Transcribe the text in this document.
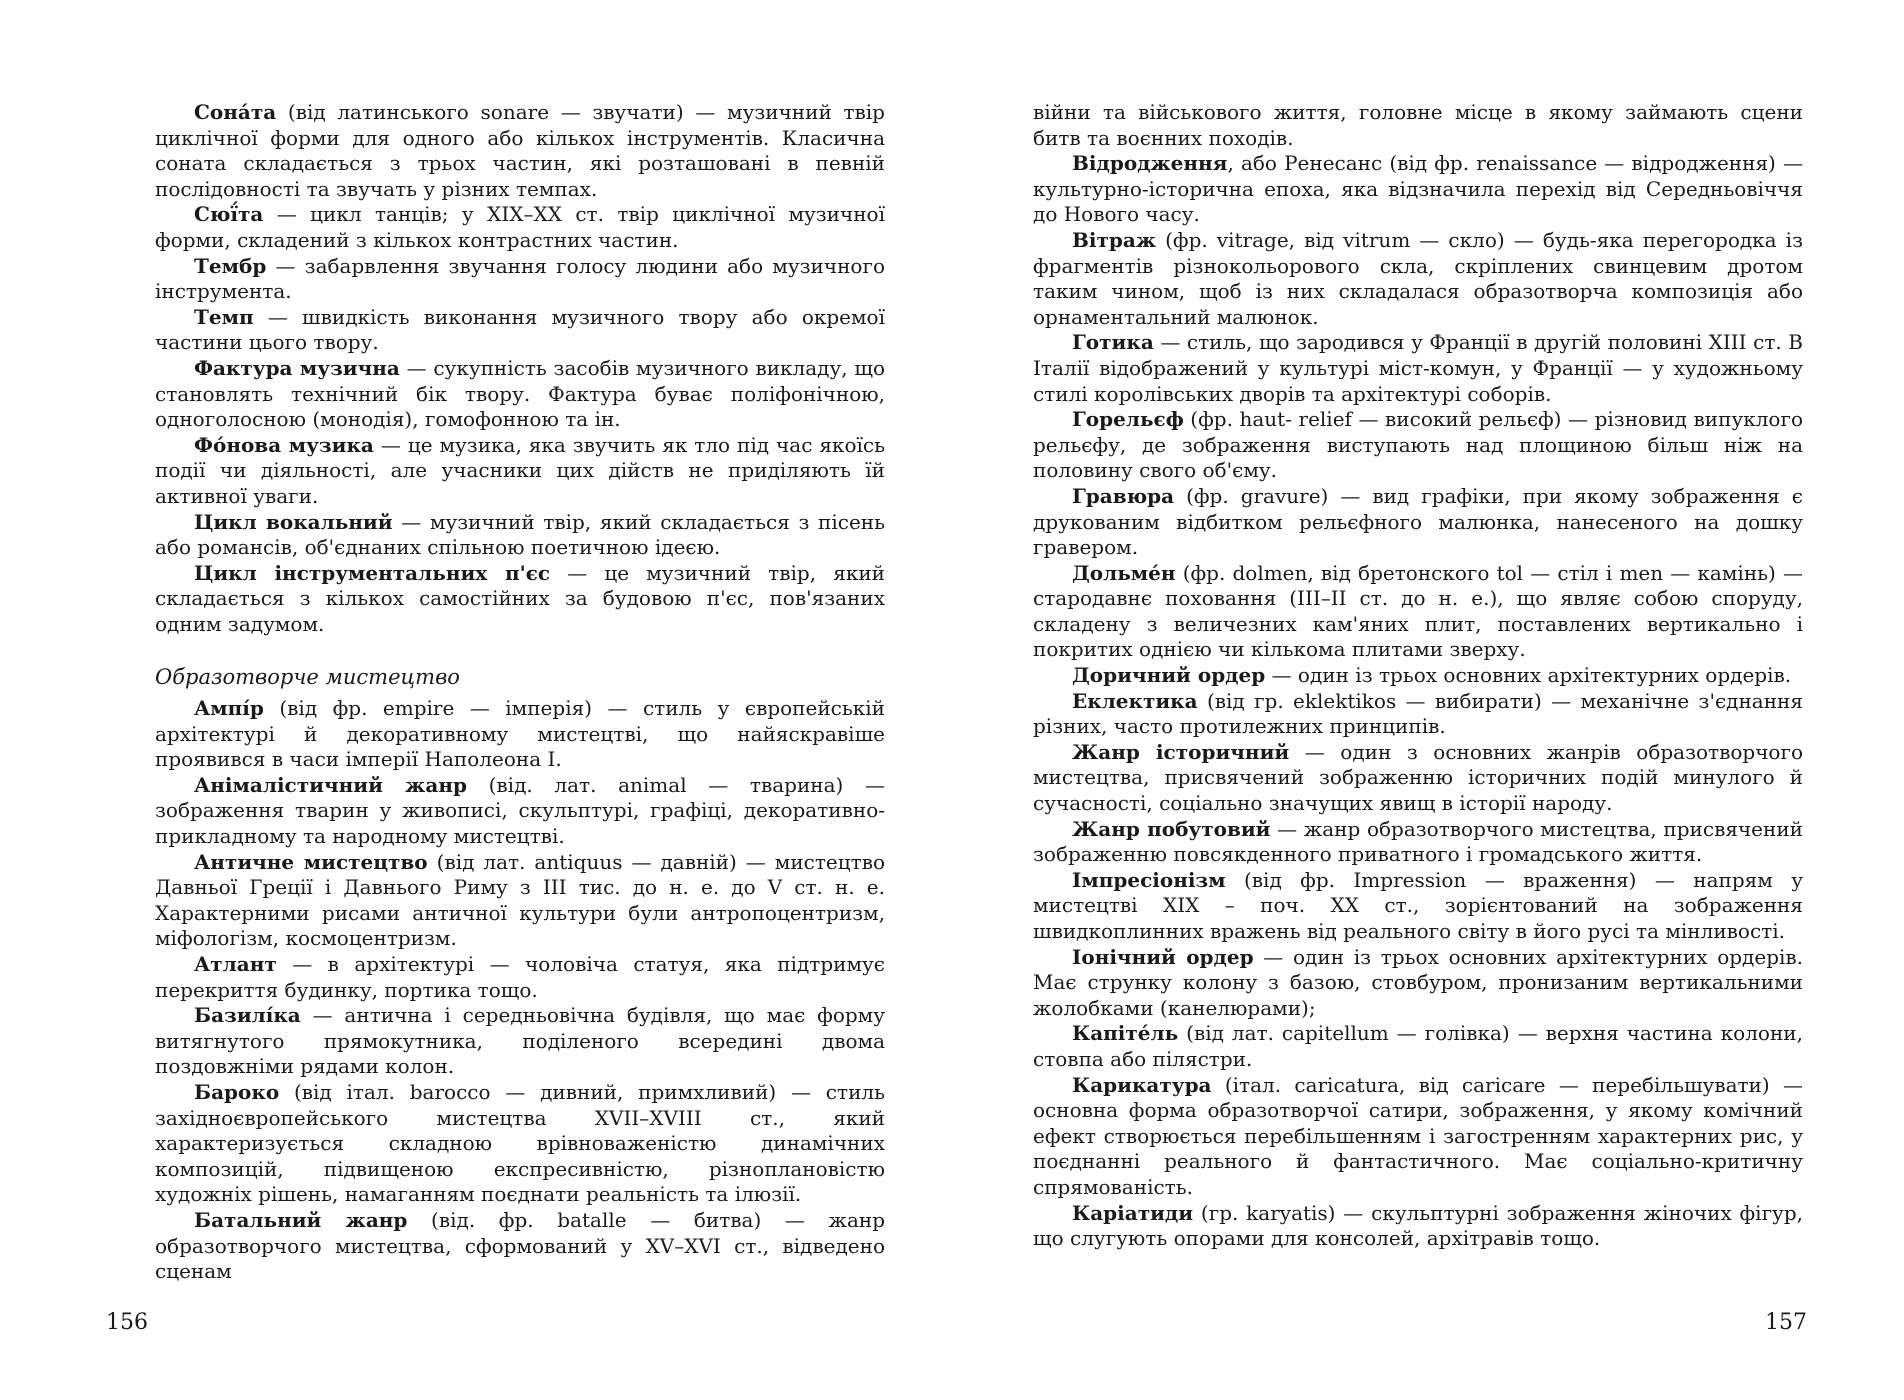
Сона́та (від латинського sonare — звучати) — музичний твір циклічної форми для одного або кількох інструментів. Класична соната складається з трьох частин, які розташовані в певній послідовності та звучать у різних темпах.

Сюї́та — цикл танців; у XIX–XX ст. твір циклічної музичної форми, складений з кількох контрастних частин.

Тембр — забарвлення звучання голосу людини або музичного інструмента.

Темп — швидкість виконання музичного твору або окремої частини цього твору.

Фактура музична — сукупність засобів музичного викладу, що становлять технічний бік твору. Фактура буває поліфонічною, одноголосною (монодія), гомофонною та ін.

Фо́нова музика — це музика, яка звучить як тло під час якоїсь події чи діяльності, але учасники цих дійств не приділяють їй активної уваги.

Цикл вокальний — музичний твір, який складається з пісень або романсів, об'єднаних спільною поетичною ідеєю.

Цикл інструментальних п'єс — це музичний твір, який складається з кількох самостійних за будовою п'єс, пов'язаних одним задумом.

Образотворче мистецтво

Ампі́р (від фр. empire — імперія) — стиль у європейській архітектурі й декоративному мистецтві, що найяскравіше проявився в часи імперії Наполеона І.

Анімалістичний жанр (від. лат. animal — тварина) — зображення тварин у живописі, скульптурі, графіці, декоративно-прикладному та народному мистецтві.

Античне мистецтво (від лат. antiquus — давній) — мистецтво Давньої Греції і Давнього Риму з ІІІ тис. до н. е. до V ст. н. е. Характерними рисами античної культури були антропоцентризм, міфологізм, космоцентризм.

Атлант — в архітектурі — чоловіча статуя, яка підтримує перекриття будинку, портика тощо.

Базилі́ка — антична і середньовічна будівля, що має форму витягнутого прямокутника, поділеного всередині двома поздовжніми рядами колон.

Бароко (від італ. barocco — дивний, примхливий) — стиль західноєвропейського мистецтва XVII–XVIII ст., який характеризується складною врівноваженістю динамічних композицій, підвищеною експресивністю, різноплановістю художніх рішень, намаганням поєднати реальність та ілюзії.

Батальний жанр (від. фр. batalle — битва) — жанр образотворчого мистецтва, сформований у XV–XVI ст., відведено сценам

війни та військового життя, головне місце в якому займають сцени битв та воєнних походів.

Відродження, або Ренесанс (від фр. renaissance — відродження) — культурно-історична епоха, яка відзначила перехід від Середньовіччя до Нового часу.

Вітраж (фр. vitrage, від vitrum — скло) — будь-яка перегородка із фрагментів різнокольорового скла, скріплених свинцевим дротом таким чином, щоб із них складалася образотворча композиція або орнаментальний малюнок.

Готика — стиль, що зародився у Франції в другій половині XIII ст. В Італії відображений у культурі міст-комун, у Франції — у художньому стилі королівських дворів та архітектурі соборів.

Горельєф (фр. haut- relief — високий рельєф) — різновид випуклого рельєфу, де зображення виступають над площиною більш ніж на половину свого об'єму.

Гравюра (фр. gravure) — вид графіки, при якому зображення є друкованим відбитком рельєфного малюнка, нанесеного на дошку гравером.

Дольме́н (фр. dolmen, від бретонского tol — стіл і men — камінь) — стародавнє поховання (ІІІ–ІІ ст. до н. е.), що являє собою споруду, складену з величезних кам'яних плит, поставлених вертикально і покритих однією чи кількома плитами зверху.

Доричний ордер — один із трьох основних архітектурних ордерів.

Еклектика (від гр. eklektikos — вибирати) — механічне з'єднання різних, часто протилежних принципів.

Жанр історичний — один з основних жанрів образотворчого мистецтва, присвячений зображенню історичних подій минулого й сучасності, соціально значущих явищ в історії народу.

Жанр побутовий — жанр образотворчого мистецтва, присвячений зображенню повсякденного приватного і громадського життя.

Імпресіонізм (від фр. Impression — враження) — напрям у мистецтві XIX – поч. XX ст., зорієнтований на зображення швидкоплинних вражень від реального світу в його русі та мінливості.

Іонічний ордер — один із трьох основних архітектурних ордерів. Має струнку колону з базою, стовбуром, пронизаним вертикальними жолобками (канелюрами);

Капіте́ль (від лат. capitellum — голівка) — верхня частина колони, стовпа або пілястри.

Карикатура (італ. caricatura, від caricare — перебільшувати) — основна форма образотворчої сатири, зображення, у якому комічний ефект створюється перебільшенням і загостренням характерних рис, у поєднанні реального й фантастичного. Має соціально-критичну спрямованість.

Каріатиди (гр. karyatis) — скульптурні зображення жіночих фігур, що слугують опорами для консолей, архітравів тощо.

156	157
